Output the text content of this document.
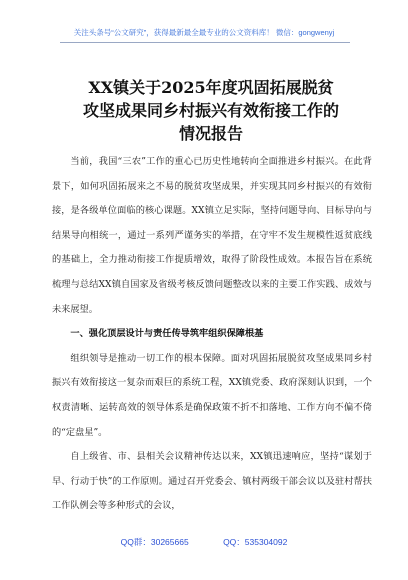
关注头条号“公文研究”，获得最新最全最专业的公文资料库！ 微信：gongwenyj
XX镇关于2025年度巩固拓展脱贫
攻坚成果同乡村振兴有效衔接工作的
情况报告

当前，我国“三农”工作的重心已历史性地转向全面推进乡村振兴。在此背景下，如何巩固拓展来之不易的脱贫攻坚成果，并实现其同乡村振兴的有效衔接，是各级单位面临的核心课题。XX镇立足实际，坚持问题导向、目标导向与结果导向相统一，通过一系列严谨务实的举措，在守牢不发生规模性返贫底线的基础上，全力推动衔接工作提质增效，取得了阶段性成效。本报告旨在系统梳理与总结XX镇自国家及省级考核反馈问题整改以来的主要工作实践、成效与未来展望。

一、强化顶层设计与责任传导筑牢组织保障根基

组织领导是推动一切工作的根本保障。面对巩固拓展脱贫攻坚成果同乡村振兴有效衔接这一复杂而艰巨的系统工程，XX镇党委、政府深刻认识到，一个权责清晰、运转高效的领导体系是确保政策不折不扣落地、工作方向不偏不倚的“定盘星”。

自上级省、市、县相关会议精神传达以来，XX镇迅速响应，坚持“谋划于早、行动于快”的工作原则。通过召开党委会、镇村两级干部会议以及驻村帮扶工作队例会等多种形式的会议，

QQ群：30265665	QQ：535304092
